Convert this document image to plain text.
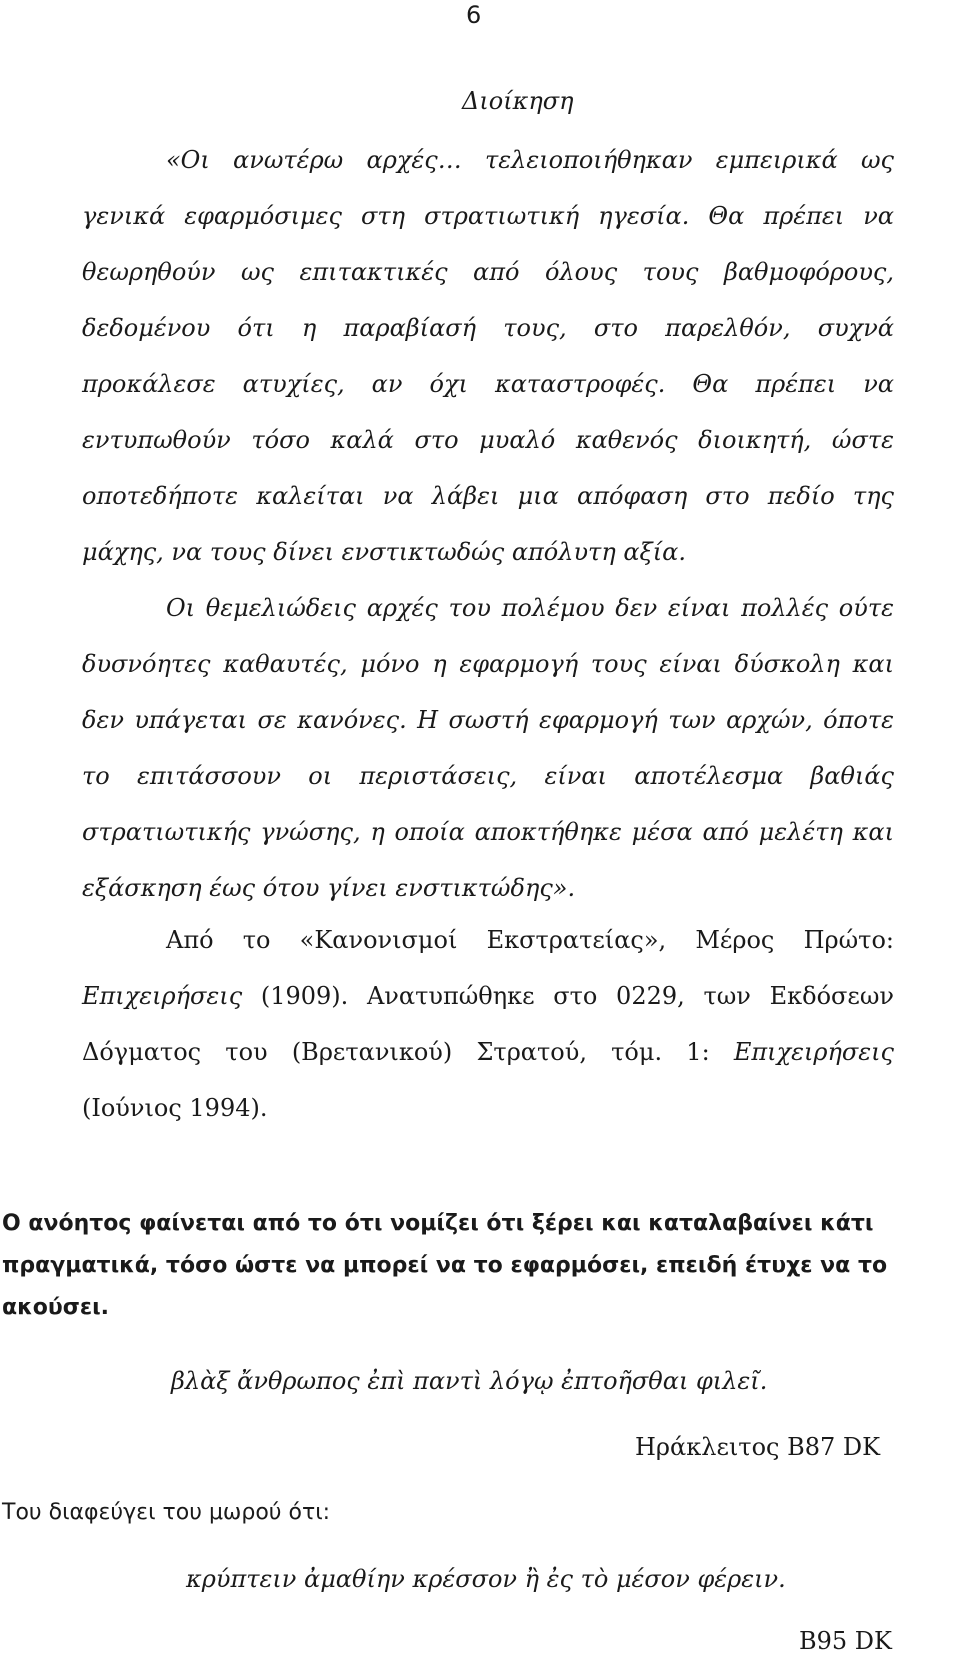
6
Διοίκηση

«Οι ανωτέρω αρχές… τελειοποιήθηκαν εμπειρικά ως γενικά εφαρμόσιμες στη στρατιωτική ηγεσία. Θα πρέπει να θεωρηθούν ως επιτακτικές από όλους τους βαθμοφόρους, δεδομένου ότι η παραβίασή τους, στο παρελθόν, συχνά προκάλεσε ατυχίες, αν όχι καταστροφές. Θα πρέπει να εντυπωθούν τόσο καλά στο μυαλό καθενός διοικητή, ώστε οποτεδήποτε καλείται να λάβει μια απόφαση στο πεδίο της μάχης, να τους δίνει ενστικτωδώς απόλυτη αξία.

Οι θεμελιώδεις αρχές του πολέμου δεν είναι πολλές ούτε δυσνόητες καθαυτές, μόνο η εφαρμογή τους είναι δύσκολη και δεν υπάγεται σε κανόνες. Η σωστή εφαρμογή των αρχών, όποτε το επιτάσσουν οι περιστάσεις, είναι αποτέλεσμα βαθιάς στρατιωτικής γνώσης, η οποία αποκτήθηκε μέσα από μελέτη και εξάσκηση έως ότου γίνει ενστικτώδης».

Από το «Κανονισμοί Εκστρατείας», Μέρος Πρώτο: Επιχειρήσεις (1909). Ανατυπώθηκε στο 0229, των Εκδόσεων Δόγματος του (Βρετανικού) Στρατού, τόμ. 1: Επιχειρήσεις (Ιούνιος 1994).

Ο ανόητος φαίνεται από το ότι νομίζει ότι ξέρει και καταλαβαίνει κάτι πραγματικά, τόσο ώστε να μπορεί να το εφαρμόσει, επειδή έτυχε να το ακούσει.
βλὰξ ἄνθρωπος ἐπὶ παντὶ λόγῳ ἐπτοῆσθαι φιλεῖ.
Ηράκλειτος Β87 DK
Του διαφεύγει του μωρού ότι:
κρύπτειν ἀμαθίην κρέσσον ἢ ἐς τὸ μέσον φέρειν.
B95 DK
